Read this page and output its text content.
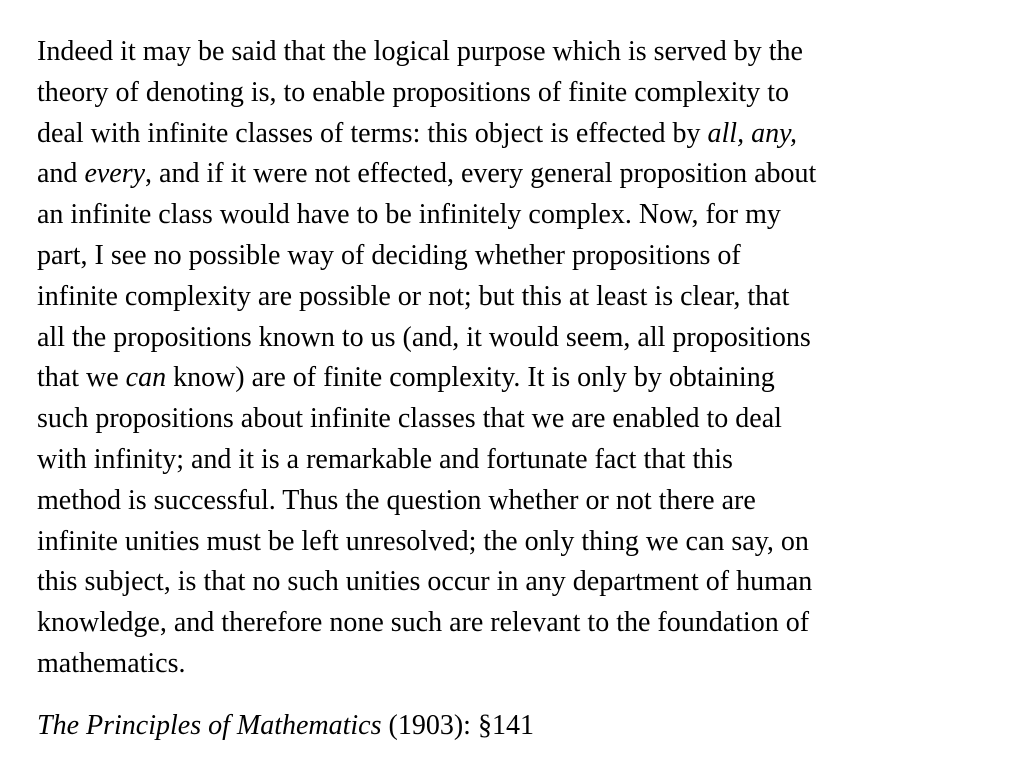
Indeed it may be said that the logical purpose which is served by the
theory of denoting is, to enable propositions of finite complexity to
deal with infinite classes of terms: this object is effected by all, any,
and every, and if it were not effected, every general proposition about
an infinite class would have to be infinitely complex. Now, for my
part, I see no possible way of deciding whether propositions of
infinite complexity are possible or not; but this at least is clear, that
all the propositions known to us (and, it would seem, all propositions
that we can know) are of finite complexity. It is only by obtaining
such propositions about infinite classes that we are enabled to deal
with infinity; and it is a remarkable and fortunate fact that this
method is successful. Thus the question whether or not there are
infinite unities must be left unresolved; the only thing we can say, on
this subject, is that no such unities occur in any department of human
knowledge, and therefore none such are relevant to the foundation of
mathematics.
The Principles of Mathematics (1903): §141
